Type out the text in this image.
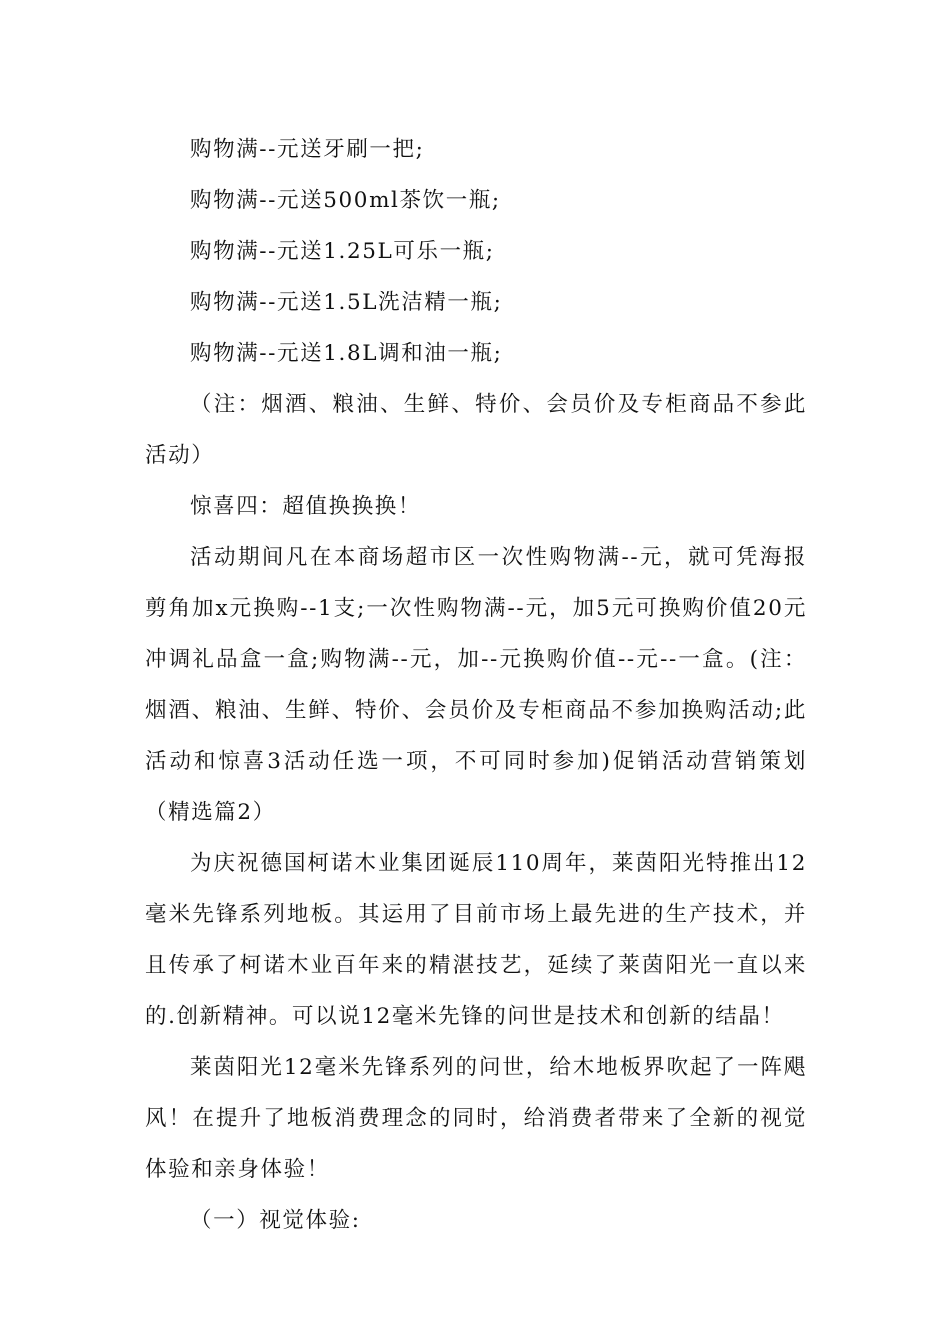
购物满--元送牙刷一把;
购物满--元送500ml茶饮一瓶;
购物满--元送1.25L可乐一瓶;
购物满--元送1.5L洗洁精一瓶;
购物满--元送1.8L调和油一瓶;

（注：烟酒、粮油、生鲜、特价、会员价及专柜商品不参此活动）

惊喜四：超值换换换！

活动期间凡在本商场超市区一次性购物满--元，就可凭海报剪角加x元换购--1支;一次性购物满--元，加5元可换购价值20元冲调礼品盒一盒;购物满--元，加--元换购价值--元--一盒。(注：烟酒、粮油、生鲜、特价、会员价及专柜商品不参加换购活动;此活动和惊喜3活动任选一项，不可同时参加)促销活动营销策划（精选篇2）

为庆祝德国柯诺木业集团诞辰110周年，莱茵阳光特推出12毫米先锋系列地板。其运用了目前市场上最先进的生产技术，并且传承了柯诺木业百年来的精湛技艺，延续了莱茵阳光一直以来的.创新精神。可以说12毫米先锋的问世是技术和创新的结晶！

莱茵阳光12毫米先锋系列的问世，给木地板界吹起了一阵飓风！在提升了地板消费理念的同时，给消费者带来了全新的视觉体验和亲身体验！

（一）视觉体验:
